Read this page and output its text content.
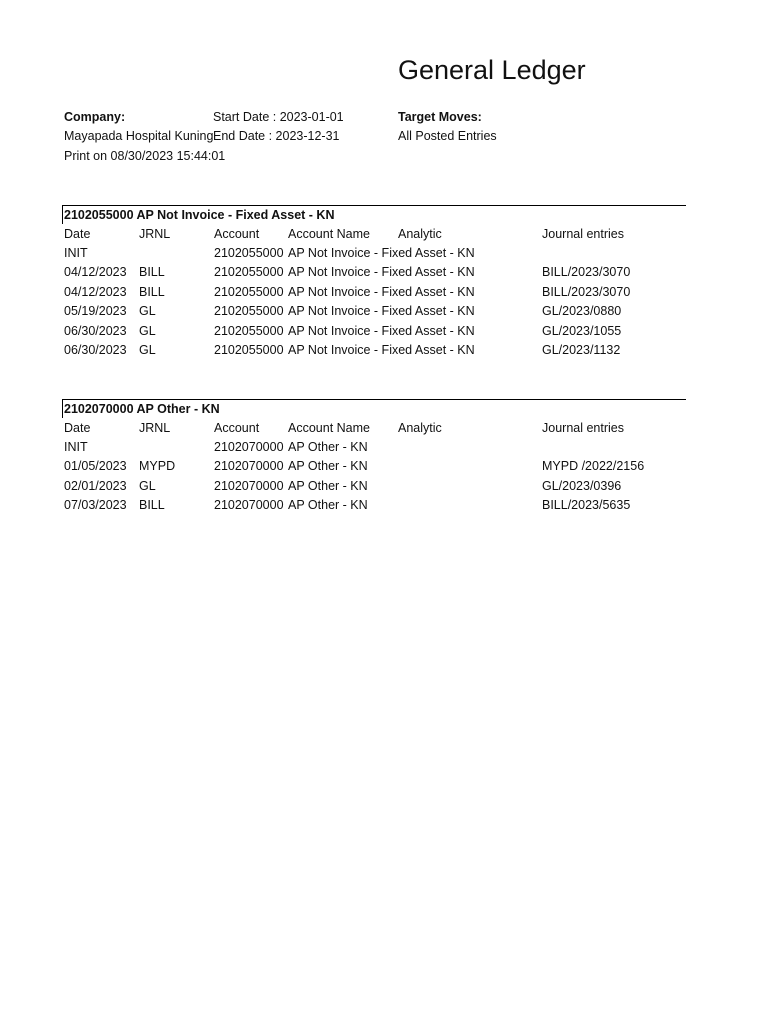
General Ledger
Company:
Mayapada Hospital Kuning
Print on 08/30/2023 15:44:01
Start Date : 2023-01-01
End Date : 2023-12-31
Target Moves:
All Posted Entries
2102055000 AP Not Invoice - Fixed Asset - KN
Date	JRNL	Account Account Name Analytic	Journal entries
INIT	2102055000 AP Not Invoice - Fixed Asset - KN
04/12/2023 BILL	2102055000 AP Not Invoice - Fixed Asset - KN	BILL/2023/3070
04/12/2023 BILL	2102055000 AP Not Invoice - Fixed Asset - KN	BILL/2023/3070
05/19/2023 GL	2102055000 AP Not Invoice - Fixed Asset - KN	GL/2023/0880
06/30/2023 GL	2102055000 AP Not Invoice - Fixed Asset - KN	GL/2023/1055
06/30/2023 GL	2102055000 AP Not Invoice - Fixed Asset - KN	GL/2023/1132
2102070000 AP Other - KN
Date	JRNL	Account Account Name Analytic	Journal entries
INIT	2102070000 AP Other - KN
01/05/2023 MYPD	2102070000 AP Other - KN	MYPD /2022/2156
02/01/2023 GL	2102070000 AP Other - KN	GL/2023/0396
07/03/2023 BILL	2102070000 AP Other - KN	BILL/2023/5635
